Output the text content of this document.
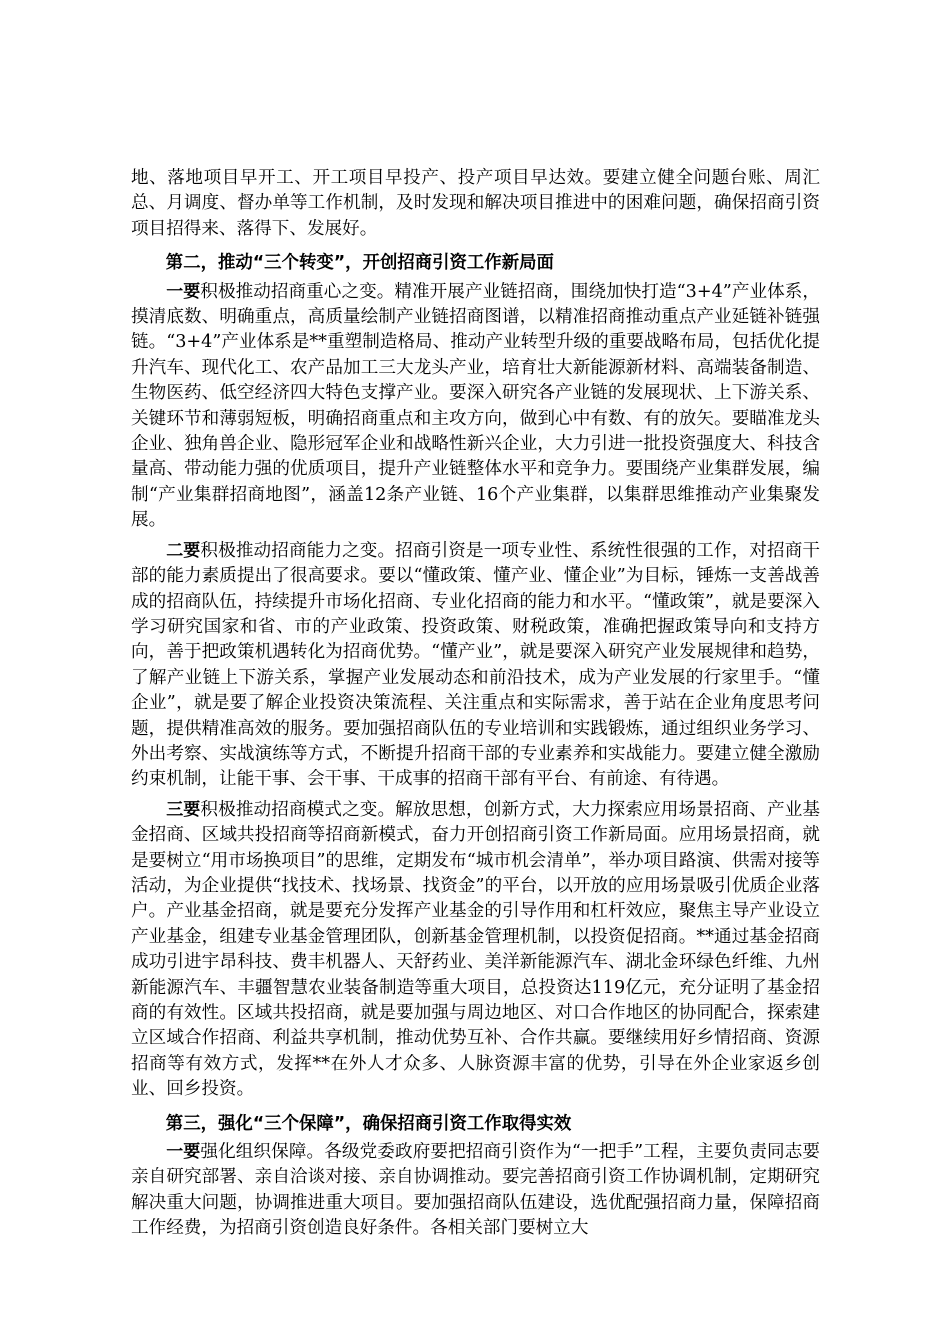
地、落地项目早开工、开工项目早投产、投产项目早达效。要建立健全问题台账、周汇总、月调度、督办单等工作机制，及时发现和解决项目推进中的困难问题，确保招商引资项目招得来、落得下、发展好。

第二，推动“三个转变”，开创招商引资工作新局面

一要积极推动招商重心之变。精准开展产业链招商，围绕加快打造“3+4”产业体系，摸清底数、明确重点，高质量绘制产业链招商图谱，以精准招商推动重点产业延链补链强链。“3+4”产业体系是**重塑制造格局、推动产业转型升级的重要战略布局，包括优化提升汽车、现代化工、农产品加工三大龙头产业，培育壮大新能源新材料、高端装备制造、生物医药、低空经济四大特色支撑产业。要深入研究各产业链的发展现状、上下游关系、关键环节和薄弱短板，明确招商重点和主攻方向，做到心中有数、有的放矢。要瞄准龙头企业、独角兽企业、隐形冠军企业和战略性新兴企业，大力引进一批投资强度大、科技含量高、带动能力强的优质项目，提升产业链整体水平和竞争力。要围绕产业集群发展，编制“产业集群招商地图”，涵盖12条产业链、16个产业集群，以集群思维推动产业集聚发展。

二要积极推动招商能力之变。招商引资是一项专业性、系统性很强的工作，对招商干部的能力素质提出了很高要求。要以“懂政策、懂产业、懂企业”为目标，锤炼一支善战善成的招商队伍，持续提升市场化招商、专业化招商的能力和水平。“懂政策”，就是要深入学习研究国家和省、市的产业政策、投资政策、财税政策，准确把握政策导向和支持方向，善于把政策机遇转化为招商优势。“懂产业”，就是要深入研究产业发展规律和趋势，了解产业链上下游关系，掌握产业发展动态和前沿技术，成为产业发展的行家里手。“懂企业”，就是要了解企业投资决策流程、关注重点和实际需求，善于站在企业角度思考问题，提供精准高效的服务。要加强招商队伍的专业培训和实践锻炼，通过组织业务学习、外出考察、实战演练等方式，不断提升招商干部的专业素养和实战能力。要建立健全激励约束机制，让能干事、会干事、干成事的招商干部有平台、有前途、有待遇。

三要积极推动招商模式之变。解放思想，创新方式，大力探索应用场景招商、产业基金招商、区域共投招商等招商新模式，奋力开创招商引资工作新局面。应用场景招商，就是要树立“用市场换项目”的思维，定期发布“城市机会清单”，举办项目路演、供需对接等活动，为企业提供“找技术、找场景、找资金”的平台，以开放的应用场景吸引优质企业落户。产业基金招商，就是要充分发挥产业基金的引导作用和杠杆效应，聚焦主导产业设立产业基金，组建专业基金管理团队，创新基金管理机制，以投资促招商。**通过基金招商成功引进宇昂科技、费丰机器人、天舒药业、美洋新能源汽车、湖北金环绿色纤维、九州新能源汽车、丰疆智慧农业装备制造等重大项目，总投资达119亿元，充分证明了基金招商的有效性。区域共投招商，就是要加强与周边地区、对口合作地区的协同配合，探索建立区域合作招商、利益共享机制，推动优势互补、合作共赢。要继续用好乡情招商、资源招商等有效方式，发挥**在外人才众多、人脉资源丰富的优势，引导在外企业家返乡创业、回乡投资。

第三，强化“三个保障”，确保招商引资工作取得实效

一要强化组织保障。各级党委政府要把招商引资作为“一把手”工程，主要负责同志要亲自研究部署、亲自洽谈对接、亲自协调推动。要完善招商引资工作协调机制，定期研究解决重大问题，协调推进重大项目。要加强招商队伍建设，选优配强招商力量，保障招商工作经费，为招商引资创造良好条件。各相关部门要树立大
